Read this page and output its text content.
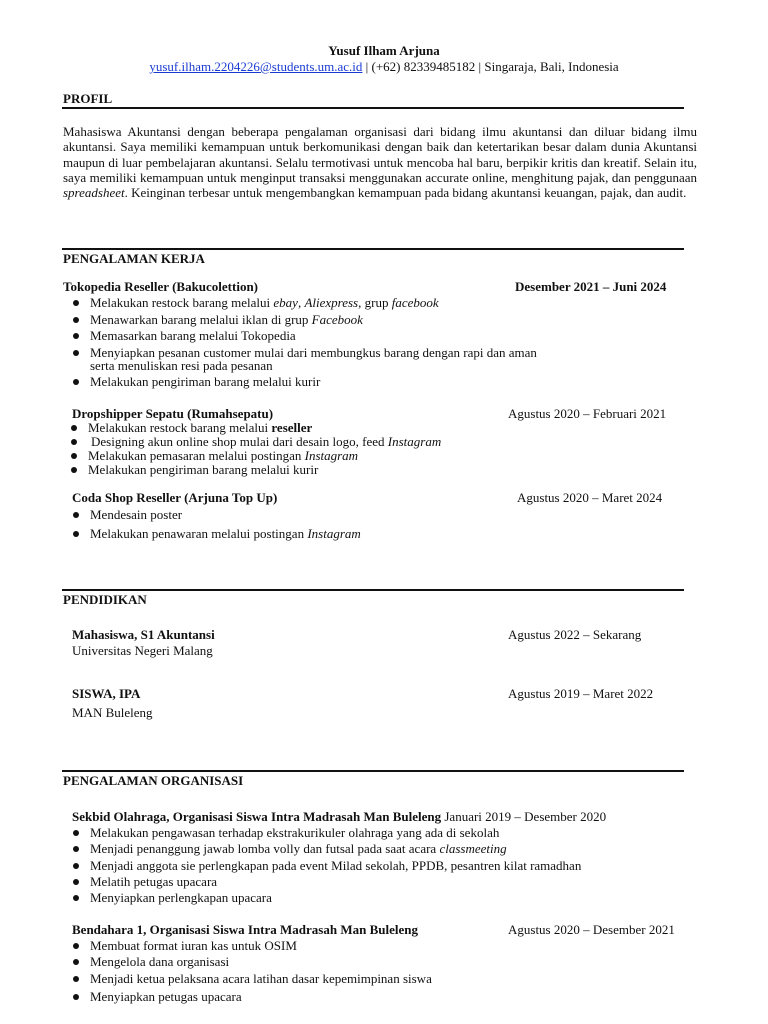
Yusuf Ilham Arjuna
yusuf.ilham.2204226@students.um.ac.id | (+62) 82339485182 | Singaraja, Bali, Indonesia
PROFIL
Mahasiswa Akuntansi dengan beberapa pengalaman organisasi dari bidang ilmu akuntansi dan diluar bidang ilmu akuntansi. Saya memiliki kemampuan untuk berkomunikasi dengan baik dan ketertarikan besar dalam dunia Akuntansi maupun di luar pembelajaran akuntansi. Selalu termotivasi untuk mencoba hal baru, berpikir kritis dan kreatif. Selain itu, saya memiliki kemampuan untuk menginput transaksi menggunakan accurate online, menghitung pajak, dan penggunaan spreadsheet. Keinginan terbesar untuk mengembangkan kemampuan pada bidang akuntansi keuangan, pajak, dan audit.
PENGALAMAN KERJA
Tokopedia Reseller (Bakucolettion)	Desember 2021 – Juni 2024
Melakukan restock barang melalui ebay, Aliexpress, grup facebook
Menawarkan barang melalui iklan di grup Facebook
Memasarkan barang melalui Tokopedia
Menyiapkan pesanan customer mulai dari membungkus barang dengan rapi dan aman
serta menuliskan resi pada pesanan
Melakukan pengiriman barang melalui kurir
Dropshipper Sepatu (Rumahsepatu)	Agustus 2020 – Februari 2021
Melakukan restock barang melalui reseller
Designing akun online shop mulai dari desain logo, feed Instagram
Melakukan pemasaran melalui postingan Instagram
Melakukan pengiriman barang melalui kurir
Coda Shop Reseller (Arjuna Top Up)	Agustus 2020 – Maret 2024
Mendesain poster
Melakukan penawaran melalui postingan Instagram
PENDIDIKAN
Mahasiswa, S1 Akuntansi	Agustus 2022 – Sekarang
Universitas Negeri Malang
SISWA, IPA	Agustus 2019 – Maret 2022
MAN Buleleng
PENGALAMAN ORGANISASI
Sekbid Olahraga, Organisasi Siswa Intra Madrasah Man Buleleng Januari 2019 – Desember 2020
Melakukan pengawasan terhadap ekstrakurikuler olahraga yang ada di sekolah
Menjadi penanggung jawab lomba volly dan futsal pada saat acara classmeeting
Menjadi anggota sie perlengkapan pada event Milad sekolah, PPDB, pesantren kilat ramadhan
Melatih petugas upacara
Menyiapkan perlengkapan upacara
Bendahara 1, Organisasi Siswa Intra Madrasah Man Buleleng	Agustus 2020 – Desember 2021
Membuat format iuran kas untuk OSIM
Mengelola dana organisasi
Menjadi ketua pelaksana acara latihan dasar kepemimpinan siswa
Menyiapkan petugas upacara
